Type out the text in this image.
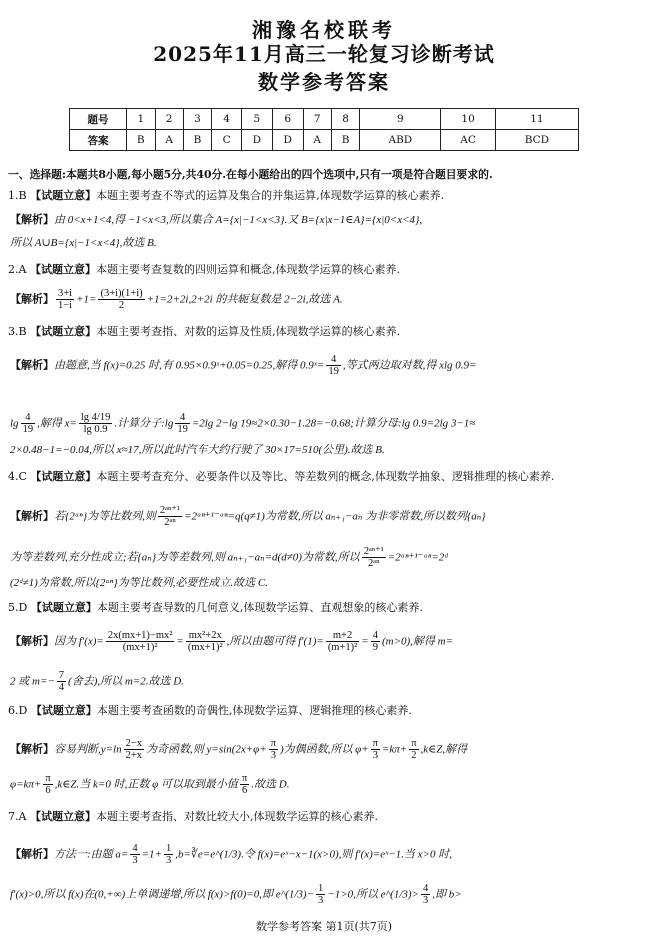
湘豫名校联考
2025年11月高三一轮复习诊断考试
数学参考答案
题号	1	2	3	4	5	6	7	8	9	10	11
答案	B	A	B	C	D	D	A	B	ABD	AC	BCD
一、选择题:本题共8小题,每小题5分,共40分.在每小题给出的四个选项中,只有一项是符合题目要求的.
1.B 【试题立意】本题主要考查不等式的运算及集合的并集运算,体现数学运算的核心素养.
【解析】由 0<x+1<4,得 −1<x<3,所以集合 A={x|−1<x<3}.又 B={x|x−1∈A}={x|0<x<4},
所以 A∪B={x|−1<x<4},故选 B.
2.A 【试题立意】本题主要考查复数的四则运算和概念,体现数学运算的核心素养.
【解析】 $\frac{3+i}{1-i} +1= \frac{(3+i)(1+i)}{2} +1=2+2i,2+2i$ 的共轭复数是 2−2i,故选 A.
3.B 【试题立意】本题主要考查指、对数的运算及性质,体现数学运算的核心素养.
【解析】由题意,当 f(x)=0.25 时,有 0.95×0.9ˣ+0.05=0.25,解得 0.9ˣ= $\frac{4}{19}$ ,等式两边取对数,得 xlg 0.9=
$\lg \frac{4}{19}$ ,解得 $x= \frac{\lg 4/19}{\lg 0.9}$ .计算分子:lg $\frac{4}{19} =2\lg$ 2−lg 19≈2×0.30−1.28=−0.68;计算分母:lg 0.9=2lg 3−1≈
2×0.48−1=−0.04,所以 x≈17,所以此时汽车大约行驶了 30×17=510(公里).故选 B.
4.C 【试题立意】本题主要考查充分、必要条件以及等比、等差数列的概念,体现数学抽象、逻辑推理的核心素养.
【解析】若{2ᵃⁿ}为等比数列,则 $\frac{\text{2ᵃⁿ⁺¹}}{\text{2ᵃⁿ}}$ =2ᵃⁿ⁺¹⁻ᵃⁿ=q(q≠1)为常数,所以 aₙ₊₁−aₙ 为非零常数,所以数列{aₙ}
为等差数列,充分性成立;若{aₙ}为等差数列,则 aₙ₊₁−aₙ=d(d≠0)为常数,所以 $\frac{\text{2ᵃⁿ⁺¹}}{\text{2ᵃⁿ}}$ =2ᵃⁿ⁺¹⁻ᵃⁿ=2ᵈ
(2ᵈ≠1)为常数,所以{2ᵃⁿ}为等比数列,必要性成立.故选 C.
5.D 【试题立意】本题主要考查导数的几何意义,体现数学运算、直观想象的核心素养.
【解析】因为 $f'(x)= \frac{\text{2x(mx+1)−mx²}}{\text{(mx+1)²}} = \frac{\text{mx²+2x}}{\text{(mx+1)²}}$ ,所以由题可得 $f'(1)= \frac{m+2}{\text{(m+1)²}} = \frac{4}{9} (m>0)$,解得 m=
2 或 $m=- \frac{7}{4}$ (舍去),所以 m=2.故选 D.
6.D 【试题立意】本题主要考查函数的奇偶性,体现数学运算、逻辑推理的核心素养.
【解析】容易判断$,y=\ln \frac{2-x}{2+x}$ 为奇函数,则 $y=\sin(2x+\varphi+ \frac{\pi}{3}$ )为偶函数,所以 $\varphi+ \frac{\pi}{3} =k\pi+ \frac{\pi}{2}$ ,k∈Z,解得
$\varphi=k\pi+ \frac{\pi}{6}$ ,k∈Z.当 k=0 时,正数 φ 可以取到最小值 $\frac{\pi}{6}$ .故选 D.
7.A 【试题立意】本题主要考查指、对数比较大小,体现数学运算的核心素养.
【解析】方法一:由题 $a= \frac{4}{3} =1+ \frac{1}{3}$ ,b=∛e=e^(1/3).令 f(x)=eˣ−x−1(x>0),则 f′(x)=eˣ−1.当 x>0 时,
f′(x)>0,所以 f(x)在(0,+∞)上单调递增,所以 f(x)>f(0)=0,即 e^(1/3)− $\frac{1}{3} -1>0$,所以 e^(1/3)> $\frac{4}{3}$ ,即 b>
数学参考答案 第1页(共7页)
